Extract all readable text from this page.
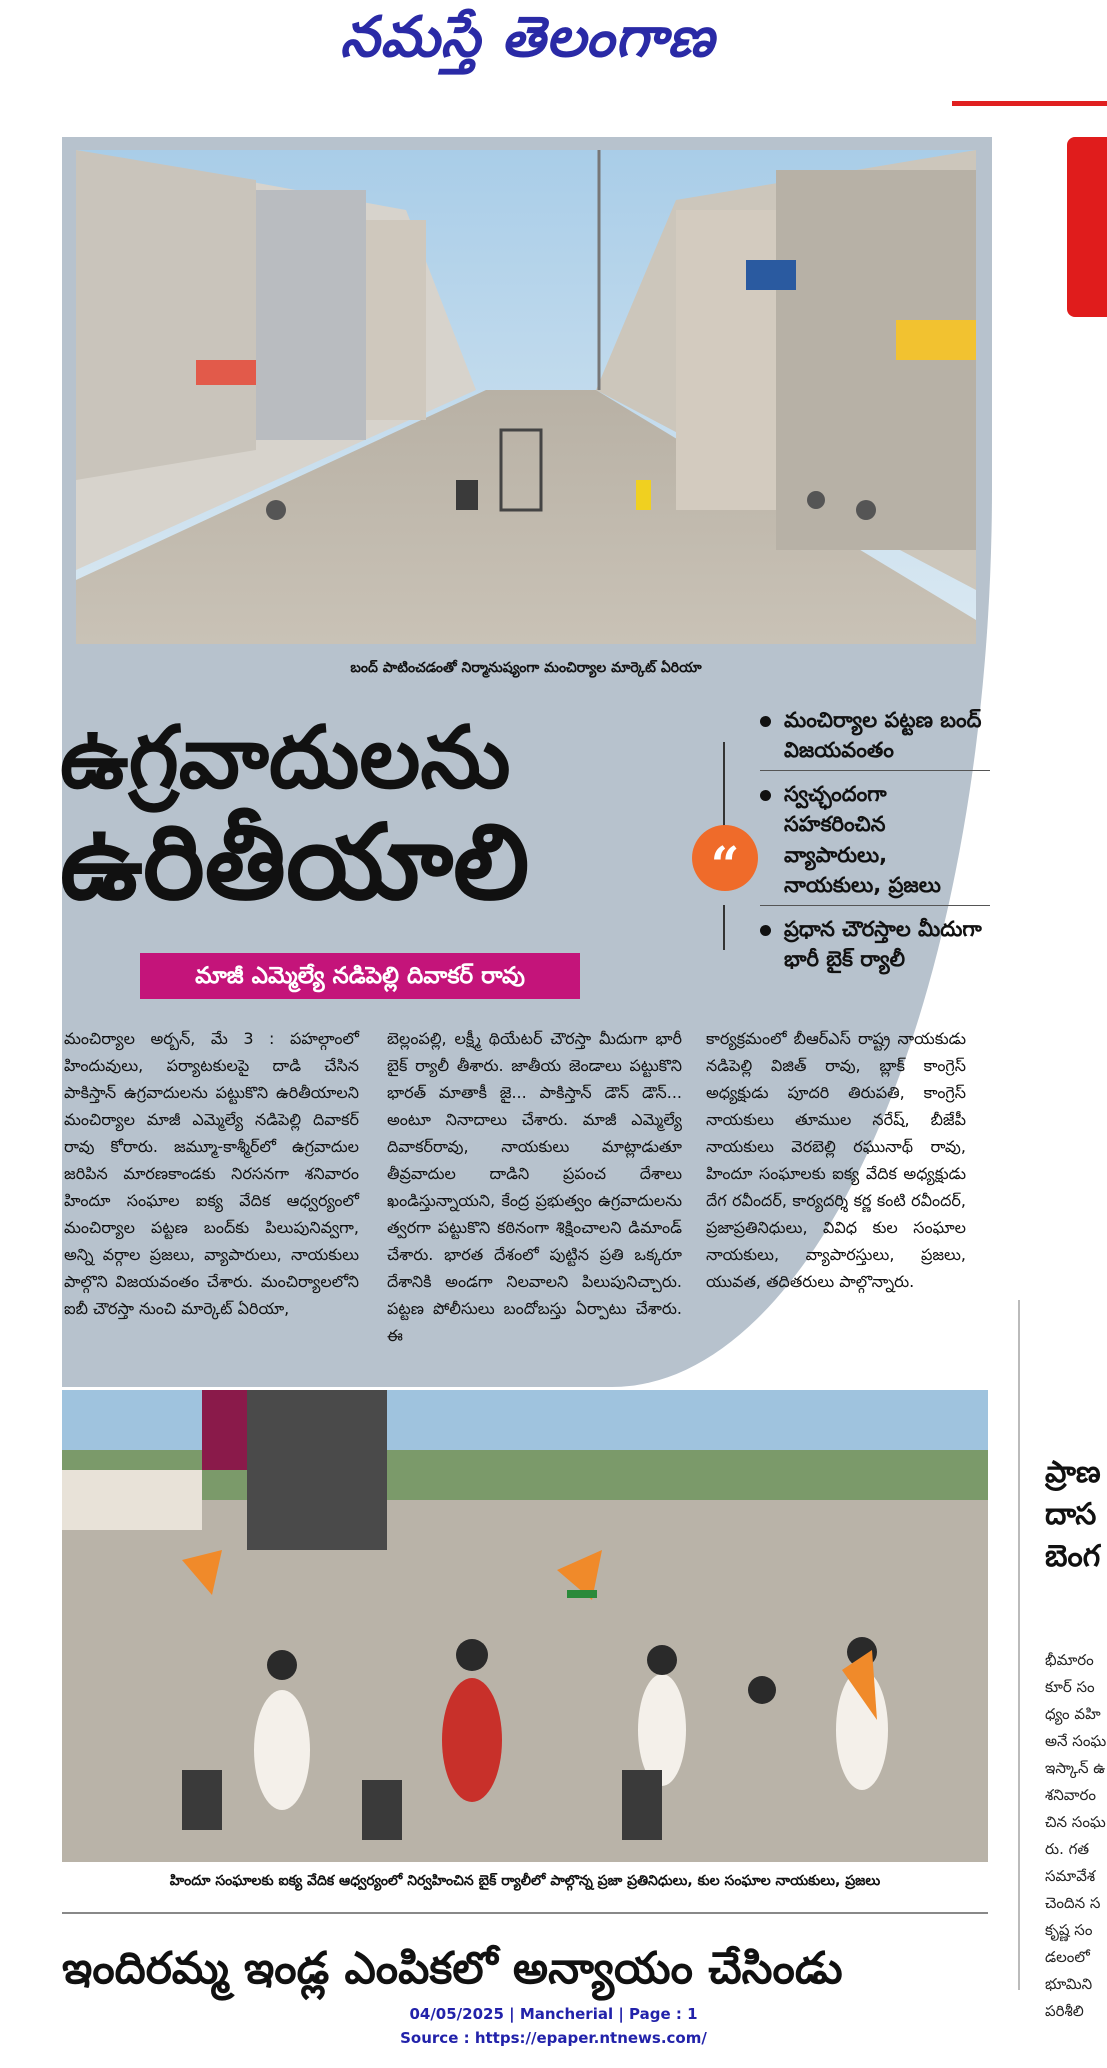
నమస్తే తెలంగాణ
బంద్ పాటించడంతో నిర్మానుష్యంగా మంచిర్యాల మార్కెట్ ఏరియా
ఉగ్రవాదులను
ఉరితీయాలి
మాజీ ఎమ్మెల్యే నడిపెల్లి దివాకర్ రావు
“
మంచిర్యాల పట్టణ బంద్ విజయవంతం
స్వచ్ఛందంగా సహకరించిన వ్యాపారులు, నాయకులు, ప్రజలు
ప్రధాన చౌరస్తాల మీదుగా భారీ బైక్ ర్యాలీ
మంచిర్యాల అర్బన్, మే 3 : పహల్గాంలో హిందువులు, పర్యాటకులపై దాడి చేసిన పాకిస్తాన్ ఉగ్రవాదులను పట్టుకొని ఉరితీయాలని మంచిర్యాల మాజీ ఎమ్మెల్యే నడిపెల్లి దివాకర్ రావు కోరారు. జమ్మూ-కాశ్మీర్‌లో ఉగ్రవాదుల జరిపిన మారణకాండకు నిరసనగా శనివారం హిందూ సంఘాల ఐక్య వేదిక ఆధ్వర్యంలో మంచిర్యాల పట్టణ బంద్‌కు పిలుపునివ్వగా, అన్ని వర్గాల ప్రజలు, వ్యాపారులు, నాయకులు పాల్గొని విజయవంతం చేశారు. మంచిర్యాలలోని ఐబీ చౌరస్తా నుంచి మార్కెట్ ఏరియా,
బెల్లంపల్లి, లక్ష్మీ థియేటర్ చౌరస్తా మీదుగా భారీ బైక్ ర్యాలీ తీశారు. జాతీయ జెండాలు పట్టుకొని భారత్ మాతాకీ జై... పాకిస్తాన్ డౌన్ డౌన్... అంటూ నినాదాలు చేశారు. మాజీ ఎమ్మెల్యే దివాకర్‌రావు, నాయకులు మాట్లాడుతూ తీవ్రవాదుల దాడిని ప్రపంచ దేశాలు ఖండిస్తున్నాయని, కేంద్ర ప్రభుత్వం ఉగ్రవాదులను త్వరగా పట్టుకొని కఠినంగా శిక్షించాలని డిమాండ్ చేశారు. భారత దేశంలో పుట్టిన ప్రతి ఒక్కరూ దేశానికి అండగా నిలవాలని పిలుపునిచ్చారు. పట్టణ పోలీసులు బందోబస్తు ఏర్పాటు చేశారు. ఈ
కార్యక్రమంలో బీఆర్ఎస్ రాష్ట్ర నాయకుడు నడిపెల్లి విజిత్ రావు, బ్లాక్ కాంగ్రెస్ అధ్యక్షుడు పూదరి తిరుపతి, కాంగ్రెస్ నాయకులు తూముల నరేష్, బీజేపీ నాయకులు వెరబెల్లి రఘునాథ్ రావు, హిందూ సంఘాలకు ఐక్య వేదిక అధ్యక్షుడు దేగ రవీందర్, కార్యదర్శి కర్ణ కంటి రవీందర్, ప్రజాప్రతినిధులు, వివిధ కుల సంఘాల నాయకులు, వ్యాపారస్తులు, ప్రజలు, యువత, తదితరులు పాల్గొన్నారు.
హిందూ సంఘాలకు ఐక్య వేదిక ఆధ్వర్యంలో నిర్వహించిన బైక్ ర్యాలీలో పాల్గొన్న ప్రజా ప్రతినిధులు, కుల సంఘాల నాయకులు, ప్రజలు
ఇందిరమ్మ ఇండ్ల ఎంపికలో అన్యాయం చేసిండు
ప్రాణ
దాస
బెంగ
భీమారం
కూర్ సం
ధ్యం వహి
అనే సంఘ
ఇస్కాన్ ఉ
శనివారం
చిన సంఘ
రు. గత
సమావేశ
చెందిన స
కృష్ణ సం
డలంలో
భూమిని
పరిశీలి
04/05/2025 | Mancherial | Page : 1
Source : https://epaper.ntnews.com/
